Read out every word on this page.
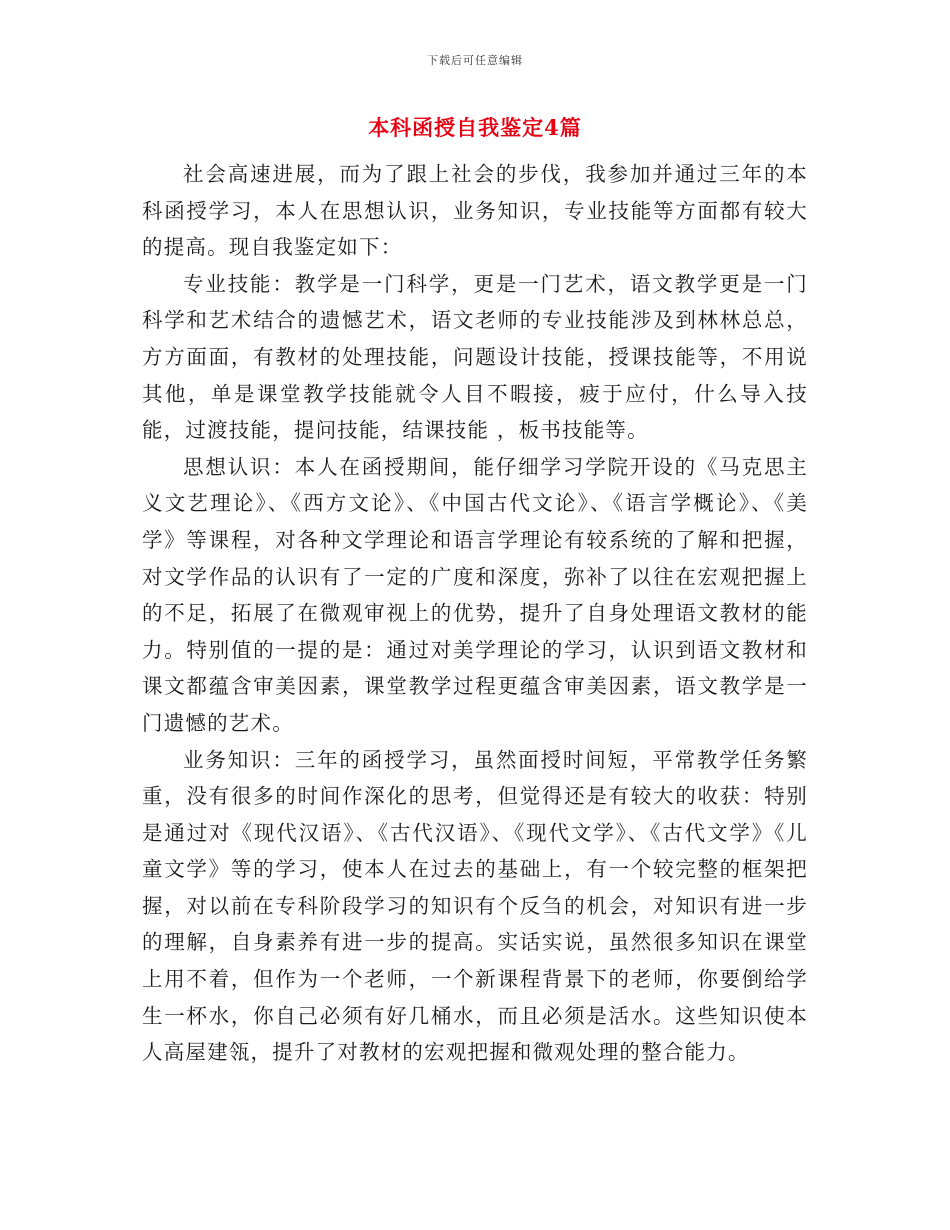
下载后可任意编辑
本科函授自我鉴定4篇

社会高速进展，而为了跟上社会的步伐，我参加并通过三年的本科函授学习，本人在思想认识，业务知识，专业技能等方面都有较大的提高。现自我鉴定如下：

专业技能：教学是一门科学，更是一门艺术，语文教学更是一门科学和艺术结合的遗憾艺术，语文老师的专业技能涉及到林林总总，方方面面，有教材的处理技能，问题设计技能，授课技能等，不用说其他，单是课堂教学技能就令人目不暇接，疲于应付，什么导入技能，过渡技能，提问技能，结课技能 ，板书技能等。

思想认识：本人在函授期间，能仔细学习学院开设的《马克思主义文艺理论》、《西方文论》、《中国古代文论》、《语言学概论》、《美学》等课程，对各种文学理论和语言学理论有较系统的了解和把握，对文学作品的认识有了一定的广度和深度，弥补了以往在宏观把握上的不足，拓展了在微观审视上的优势，提升了自身处理语文教材的能力。特别值的一提的是：通过对美学理论的学习，认识到语文教材和课文都蕴含审美因素，课堂教学过程更蕴含审美因素，语文教学是一门遗憾的艺术。

业务知识：三年的函授学习，虽然面授时间短，平常教学任务繁重，没有很多的时间作深化的思考，但觉得还是有较大的收获：特别是通过对《现代汉语》、《古代汉语》、《现代文学》、《古代文学》《儿童文学》等的学习，使本人在过去的基础上，有一个较完整的框架把握，对以前在专科阶段学习的知识有个反刍的机会，对知识有进一步的理解，自身素养有进一步的提高。实话实说，虽然很多知识在课堂上用不着，但作为一个老师，一个新课程背景下的老师，你要倒给学生一杯水，你自己必须有好几桶水，而且必须是活水。这些知识使本人高屋建瓴，提升了对教材的宏观把握和微观处理的整合能力。
